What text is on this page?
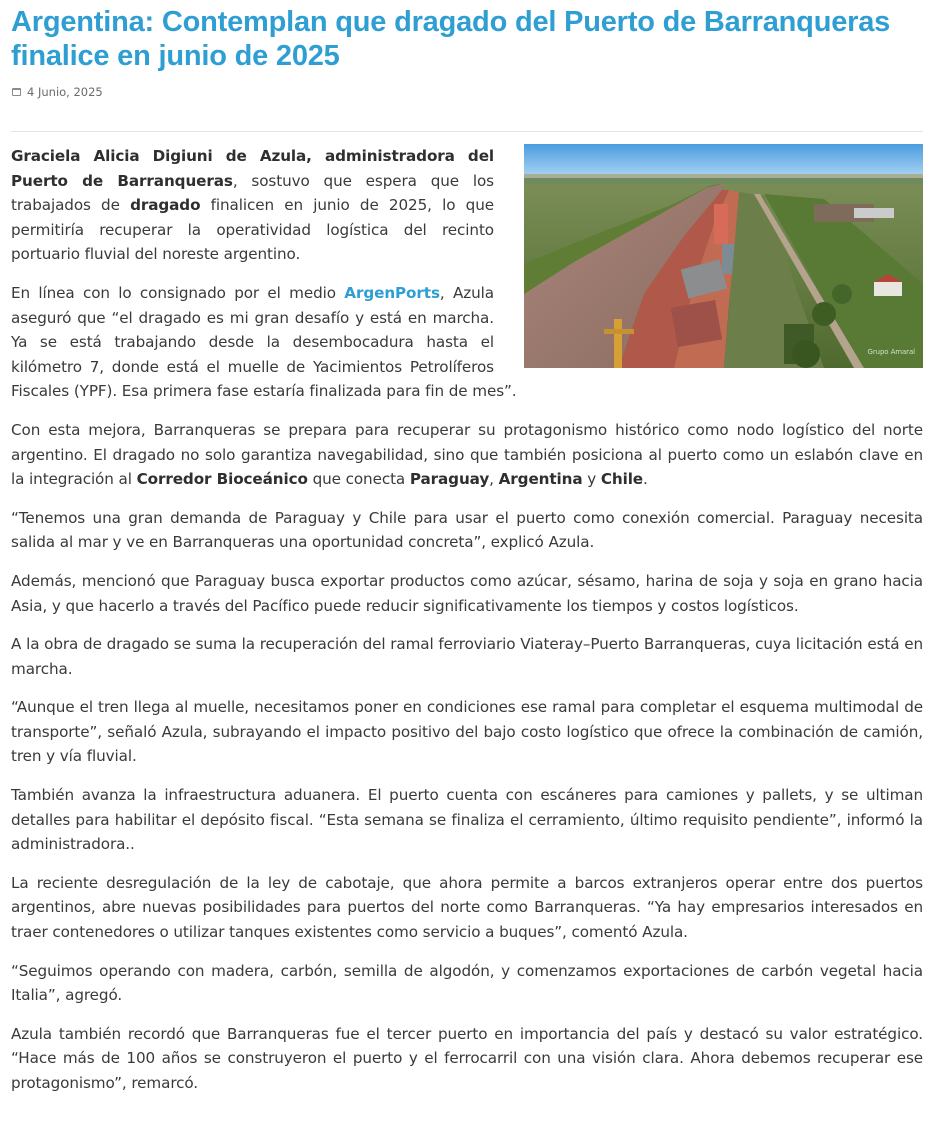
Argentina: Contemplan que dragado del Puerto de Barranqueras finalice en junio de 2025
4 Junio, 2025
Grupo Amaral

Graciela Alicia Digiuni de Azula, administradora del Puerto de Barranqueras, sostuvo que espera que los trabajados de dragado finalicen en junio de 2025, lo que permitiría recuperar la operatividad logística del recinto portuario fluvial del noreste argentino.

En línea con lo consignado por el medio ArgenPorts, Azula aseguró que “el dragado es mi gran desafío y está en marcha. Ya se está trabajando desde la desembocadura hasta el kilómetro 7, donde está el muelle de Yacimientos Petrolíferos Fiscales (YPF). Esa primera fase estaría finalizada para fin de mes”.

Con esta mejora, Barranqueras se prepara para recuperar su protagonismo histórico como nodo logístico del norte argentino. El dragado no solo garantiza navegabilidad, sino que también posiciona al puerto como un eslabón clave en la integración al Corredor Bioceánico que conecta Paraguay, Argentina y Chile.

“Tenemos una gran demanda de Paraguay y Chile para usar el puerto como conexión comercial. Paraguay necesita salida al mar y ve en Barranqueras una oportunidad concreta”, explicó Azula.

Además, mencionó que Paraguay busca exportar productos como azúcar, sésamo, harina de soja y soja en grano hacia Asia, y que hacerlo a través del Pacífico puede reducir significativamente los tiempos y costos logísticos.

A la obra de dragado se suma la recuperación del ramal ferroviario Viateray–Puerto Barranqueras, cuya licitación está en marcha.

“Aunque el tren llega al muelle, necesitamos poner en condiciones ese ramal para completar el esquema multimodal de transporte”, señaló Azula, subrayando el impacto positivo del bajo costo logístico que ofrece la combinación de camión, tren y vía fluvial.

También avanza la infraestructura aduanera. El puerto cuenta con escáneres para camiones y pallets, y se ultiman detalles para habilitar el depósito fiscal. “Esta semana se finaliza el cerramiento, último requisito pendiente”, informó la administradora..

La reciente desregulación de la ley de cabotaje, que ahora permite a barcos extranjeros operar entre dos puertos argentinos, abre nuevas posibilidades para puertos del norte como Barranqueras. “Ya hay empresarios interesados en traer contenedores o utilizar tanques existentes como servicio a buques”, comentó Azula.

“Seguimos operando con madera, carbón, semilla de algodón, y comenzamos exportaciones de carbón vegetal hacia Italia”, agregó.

Azula también recordó que Barranqueras fue el tercer puerto en importancia del país y destacó su valor estratégico. “Hace más de 100 años se construyeron el puerto y el ferrocarril con una visión clara. Ahora debemos recuperar ese protagonismo”, remarcó.
